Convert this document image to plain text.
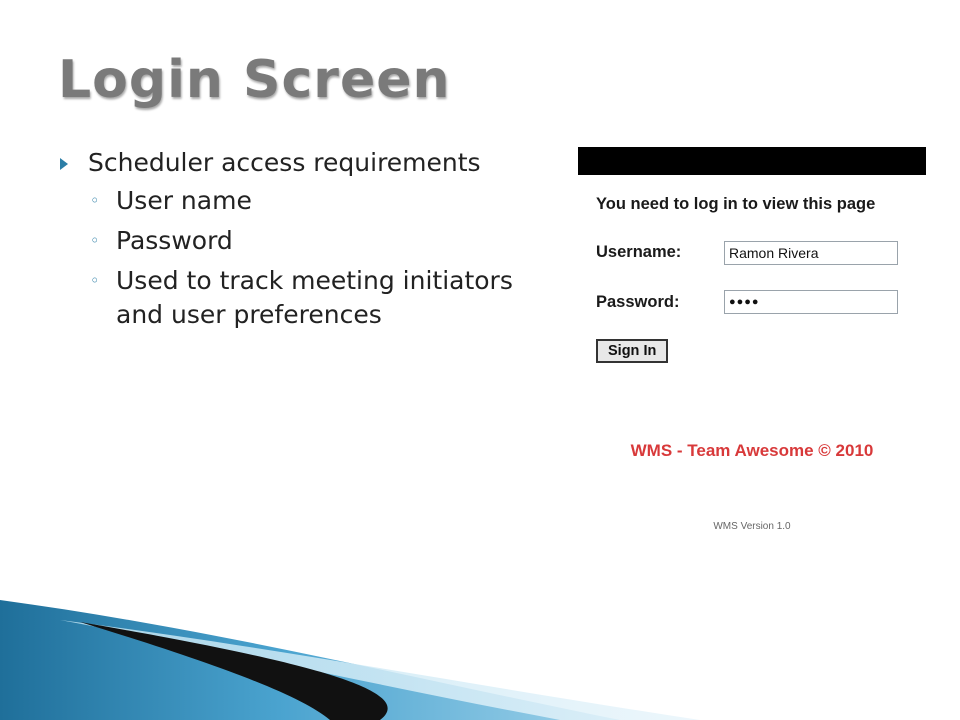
Login Screen
Scheduler access requirements
◦ User name
◦ Password
◦ Used to track meeting initiators and user preferences
You need to log in to view this page
Username:	Ramon Rivera
Password:	●●●●
Sign In
WMS - Team Awesome © 2010
WMS Version 1.0
